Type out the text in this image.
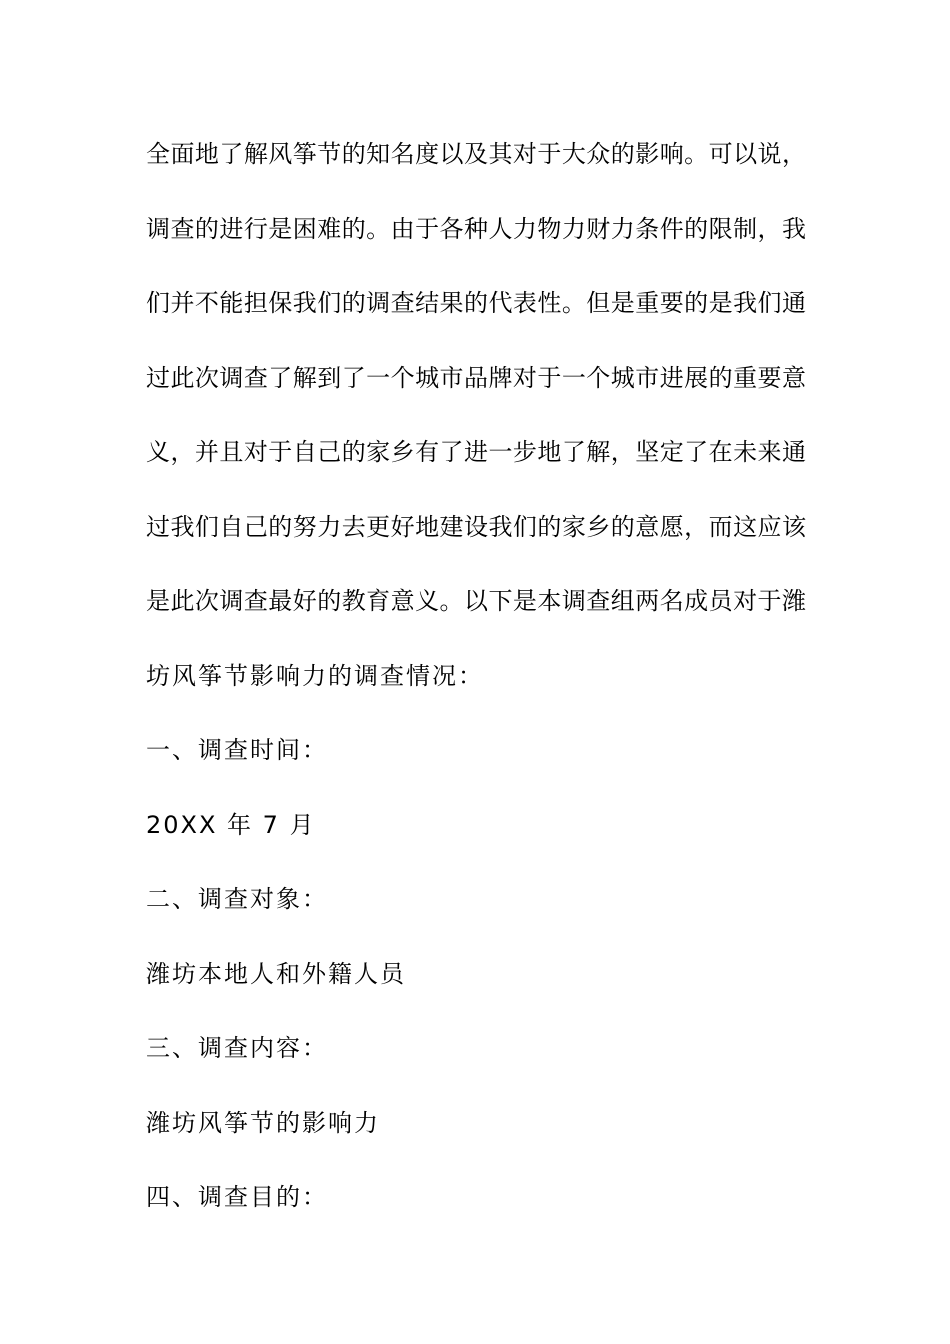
全面地了解风筝节的知名度以及其对于大众的影响。可以说，
调查的进行是困难的。由于各种人力物力财力条件的限制，我
们并不能担保我们的调查结果的代表性。但是重要的是我们通
过此次调查了解到了一个城市品牌对于一个城市进展的重要意
义，并且对于自己的家乡有了进一步地了解，坚定了在未来通
过我们自己的努力去更好地建设我们的家乡的意愿，而这应该
是此次调查最好的教育意义。以下是本调查组两名成员对于潍
坊风筝节影响力的调查情况：
一、调查时间：
20XX 年 7 月
二、调查对象：
潍坊本地人和外籍人员
三、调查内容：
潍坊风筝节的影响力
四、调查目的：
